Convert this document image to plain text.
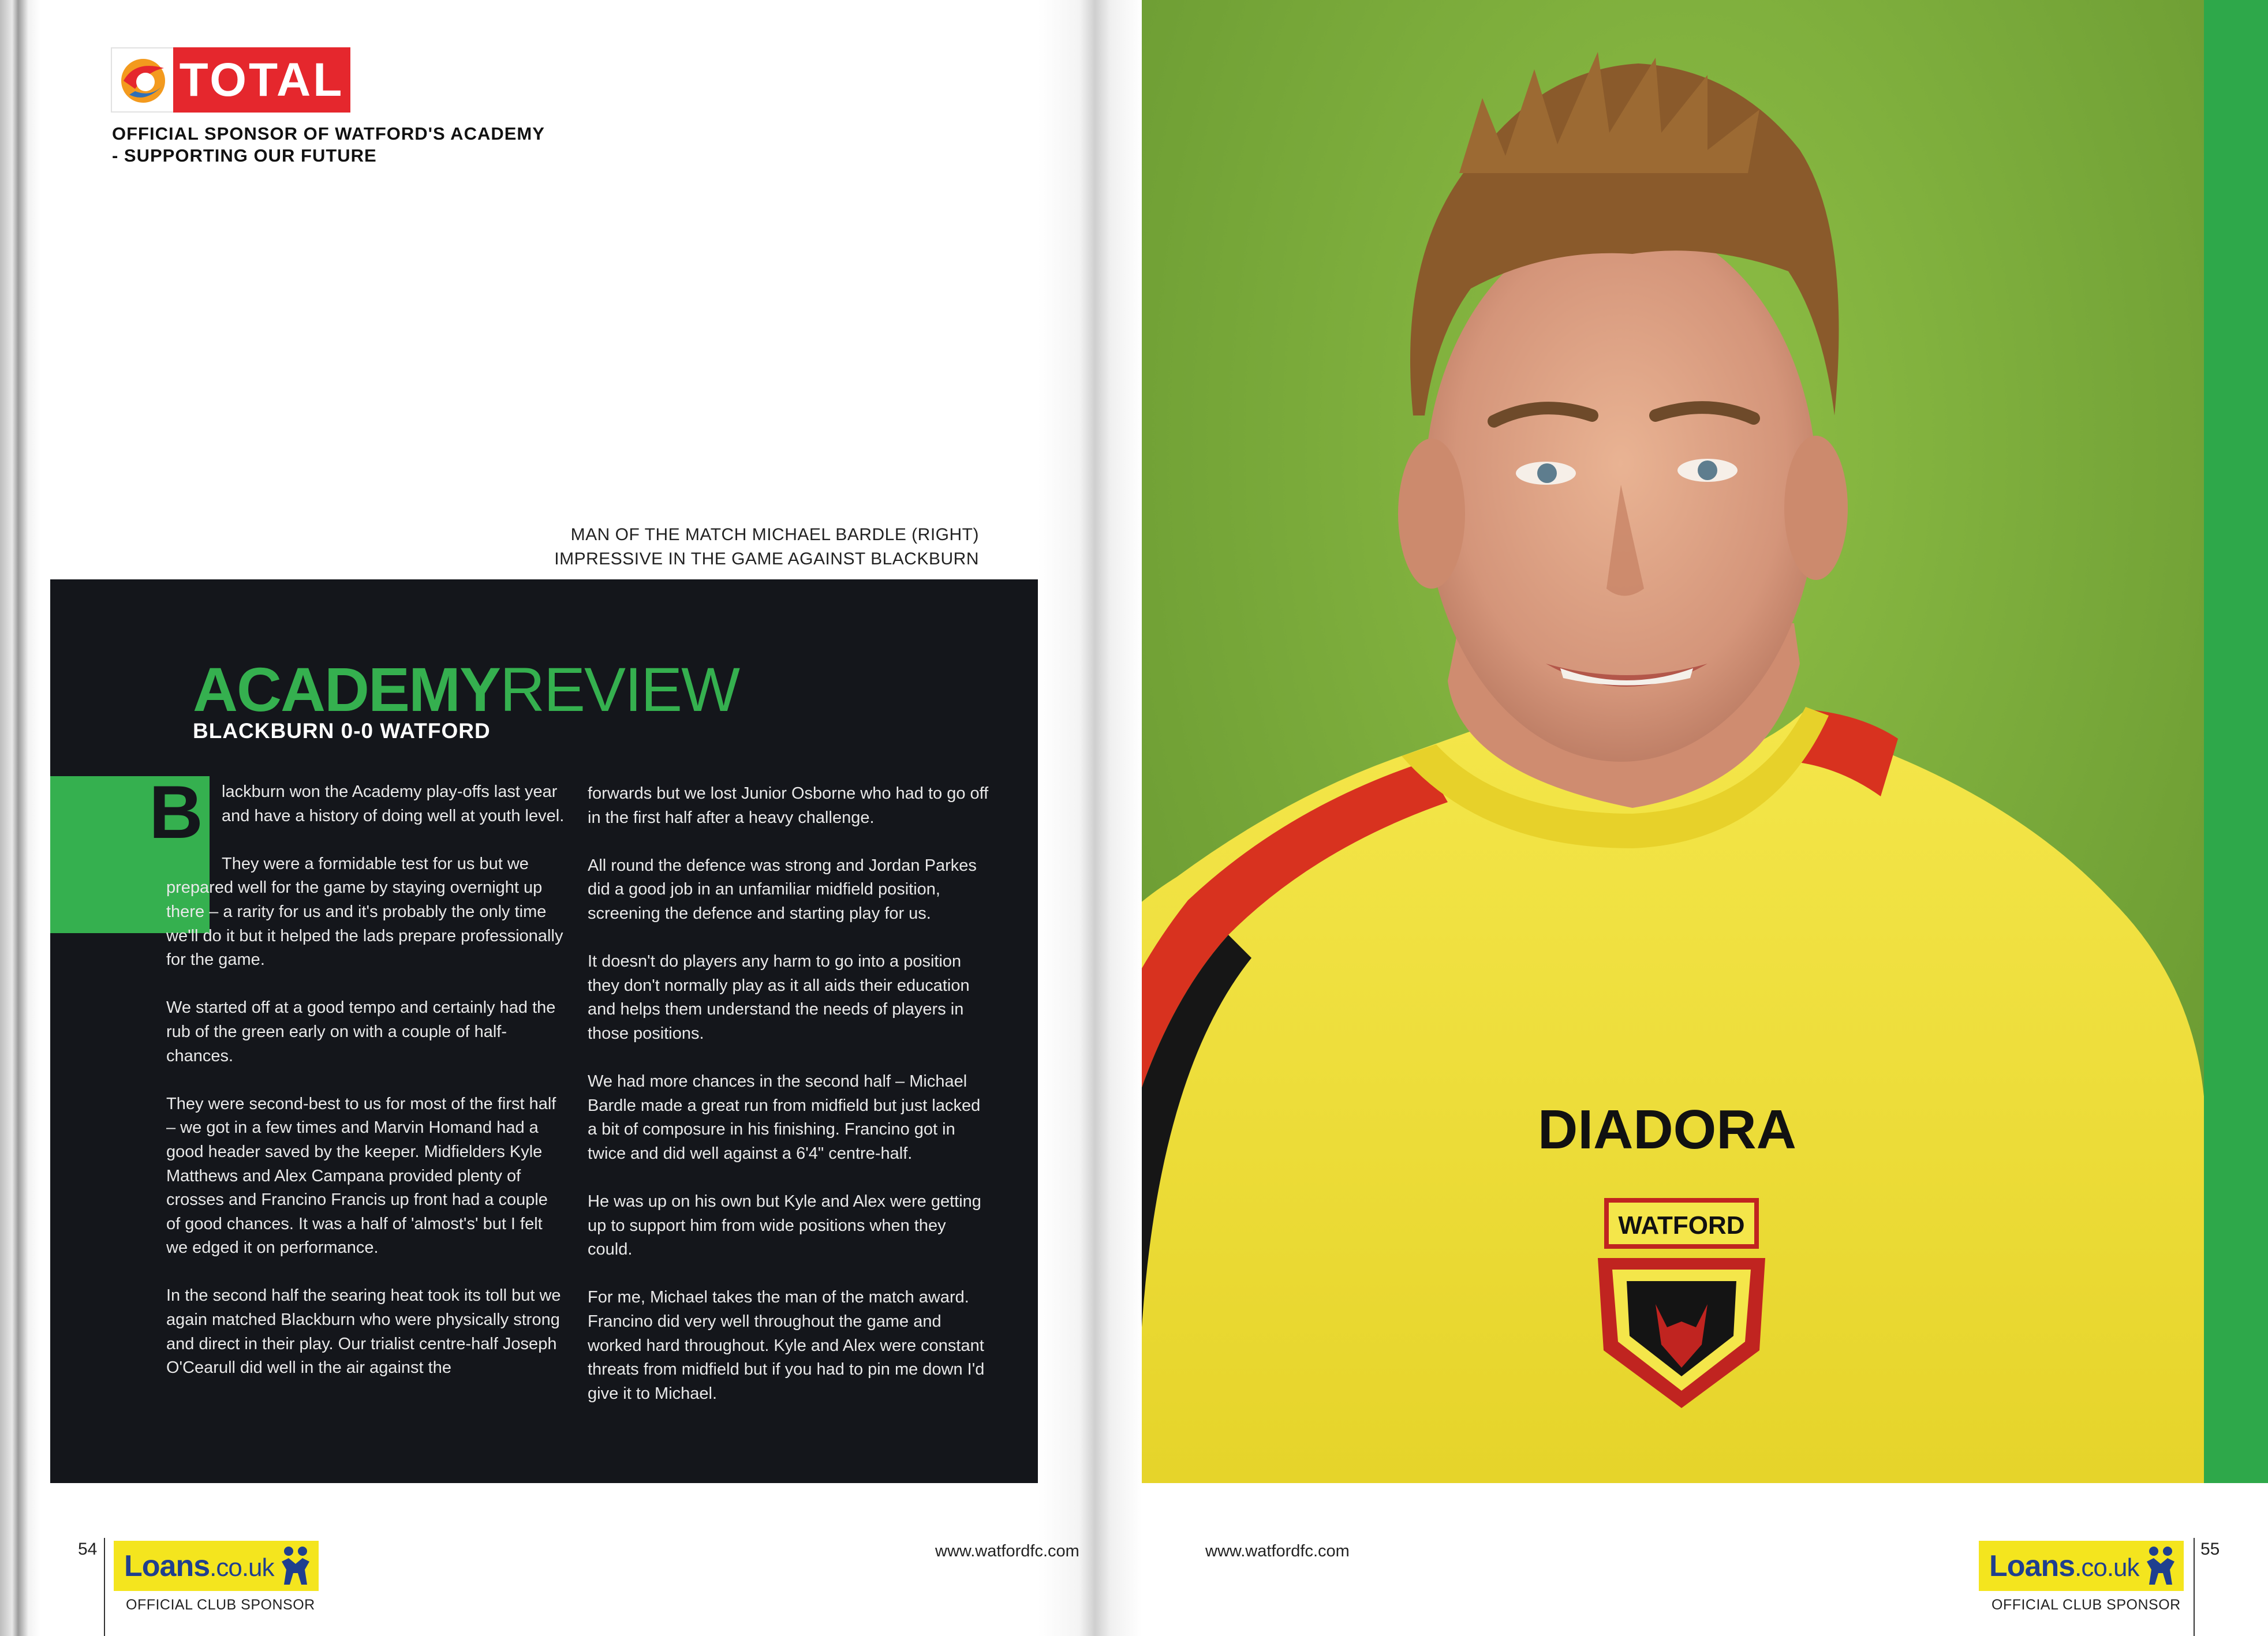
DIADORA
WATFORD
TOTAL
OFFICIAL SPONSOR OF WATFORD'S ACADEMY
- SUPPORTING OUR FUTURE
MAN OF THE MATCH MICHAEL BARDLE (RIGHT)
IMPRESSIVE IN THE GAME AGAINST BLACKBURN
ACADEMYREVIEW
BLACKBURN 0-0 WATFORD
B	lackburn won the Academy play-offs last year and have a history of doing well at youth level.

They were a formidable test for us but we prepared well for the game by staying overnight up there – a rarity for us and it's probably the only time we'll do it but it helped the lads prepare professionally for the game.

We started off at a good tempo and certainly had the rub of the green early on with a couple of half-chances.

They were second-best to us for most of the first half – we got in a few times and Marvin Homand had a good header saved by the keeper. Midfielders Kyle Matthews and Alex Campana provided plenty of crosses and Francino Francis up front had a couple of good chances. It was a half of 'almost's' but I felt we edged it on performance.

In the second half the searing heat took its toll but we again matched Blackburn who were physically strong and direct in their play. Our trialist centre-half Joseph O'Cearull did well in the air against the

forwards but we lost Junior Osborne who had to go off in the first half after a heavy challenge.

All round the defence was strong and Jordan Parkes did a good job in an unfamiliar midfield position, screening the defence and starting play for us.

It doesn't do players any harm to go into a position they don't normally play as it all aids their education and helps them understand the needs of players in those positions.

We had more chances in the second half – Michael Bardle made a great run from midfield but just lacked a bit of composure in his finishing. Francino got in twice and did well against a 6'4" centre-half.

He was up on his own but Kyle and Alex were getting up to support him from wide positions when they could.

For me, Michael takes the man of the match award. Francino did very well throughout the game and worked hard throughout. Kyle and Alex were constant threats from midfield but if you had to pin me down I'd give it to Michael.

54
Loans.co.uk
OFFICIAL CLUB SPONSOR
www.watfordfc.com	www.watfordfc.com	Loans.co.uk
OFFICIAL CLUB SPONSOR
55
